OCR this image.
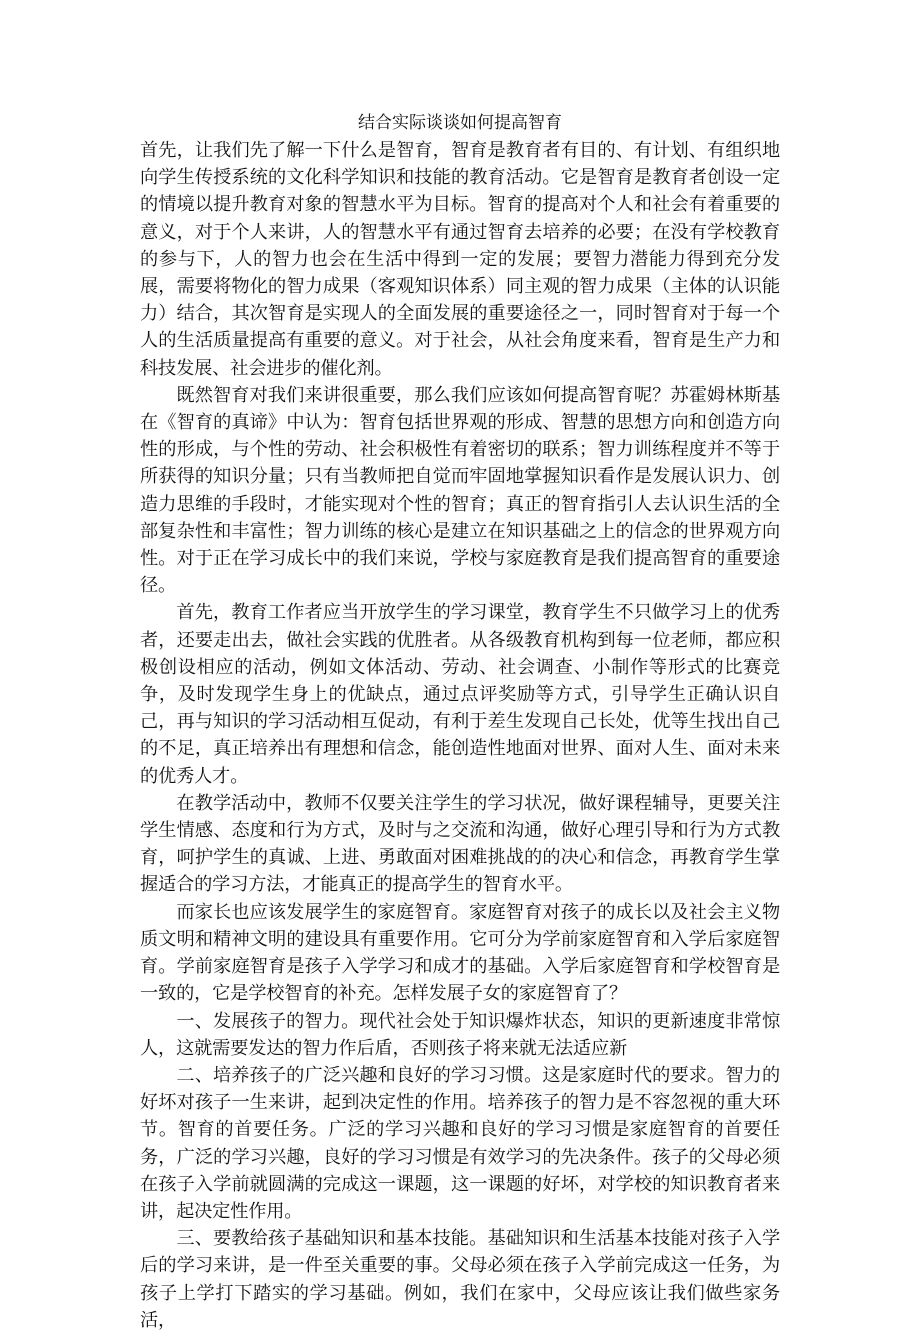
结合实际谈谈如何提高智育

首先，让我们先了解一下什么是智育，智育是教育者有目的、有计划、有组织地向学生传授系统的文化科学知识和技能的教育活动。它是智育是教育者创设一定的情境以提升教育对象的智慧水平为目标。智育的提高对个人和社会有着重要的意义，对于个人来讲，人的智慧水平有通过智育去培养的必要；在没有学校教育的参与下，人的智力也会在生活中得到一定的发展；要智力潜能力得到充分发展，需要将物化的智力成果（客观知识体系）同主观的智力成果（主体的认识能力）结合，其次智育是实现人的全面发展的重要途径之一，同时智育对于每一个人的生活质量提高有重要的意义。对于社会，从社会角度来看，智育是生产力和科技发展、社会进步的催化剂。

既然智育对我们来讲很重要，那么我们应该如何提高智育呢？苏霍姆林斯基在《智育的真谛》中认为：智育包括世界观的形成、智慧的思想方向和创造方向性的形成，与个性的劳动、社会积极性有着密切的联系；智力训练程度并不等于所获得的知识分量；只有当教师把自觉而牢固地掌握知识看作是发展认识力、创造力思维的手段时，才能实现对个性的智育；真正的智育指引人去认识生活的全部复杂性和丰富性；智力训练的核心是建立在知识基础之上的信念的世界观方向性。对于正在学习成长中的我们来说，学校与家庭教育是我们提高智育的重要途径。

首先，教育工作者应当开放学生的学习课堂，教育学生不只做学习上的优秀者，还要走出去，做社会实践的优胜者。从各级教育机构到每一位老师，都应积极创设相应的活动，例如文体活动、劳动、社会调查、小制作等形式的比赛竞争，及时发现学生身上的优缺点，通过点评奖励等方式，引导学生正确认识自己，再与知识的学习活动相互促动，有利于差生发现自己长处，优等生找出自己的不足，真正培养出有理想和信念，能创造性地面对世界、面对人生、面对未来的优秀人才。

在教学活动中，教师不仅要关注学生的学习状况，做好课程辅导，更要关注学生情感、态度和行为方式，及时与之交流和沟通，做好心理引导和行为方式教育，呵护学生的真诚、上进、勇敢面对困难挑战的的决心和信念，再教育学生掌握适合的学习方法，才能真正的提高学生的智育水平。

而家长也应该发展学生的家庭智育。家庭智育对孩子的成长以及社会主义物质文明和精神文明的建设具有重要作用。它可分为学前家庭智育和入学后家庭智育。学前家庭智育是孩子入学学习和成才的基础。入学后家庭智育和学校智育是一致的，它是学校智育的补充。怎样发展子女的家庭智育了？

一、发展孩子的智力。现代社会处于知识爆炸状态，知识的更新速度非常惊人，这就需要发达的智力作后盾，否则孩子将来就无法适应新

二、培养孩子的广泛兴趣和良好的学习习惯。这是家庭时代的要求。智力的好坏对孩子一生来讲，起到决定性的作用。培养孩子的智力是不容忽视的重大环节。智育的首要任务。广泛的学习兴趣和良好的学习习惯是家庭智育的首要任务，广泛的学习兴趣，良好的学习习惯是有效学习的先决条件。孩子的父母必须在孩子入学前就圆满的完成这一课题，这一课题的好坏，对学校的知识教育者来讲，起决定性作用。

三、要教给孩子基础知识和基本技能。基础知识和生活基本技能对孩子入学后的学习来讲，是一件至关重要的事。父母必须在孩子入学前完成这一任务，为孩子上学打下踏实的学习基础。例如，我们在家中，父母应该让我们做些家务活，
